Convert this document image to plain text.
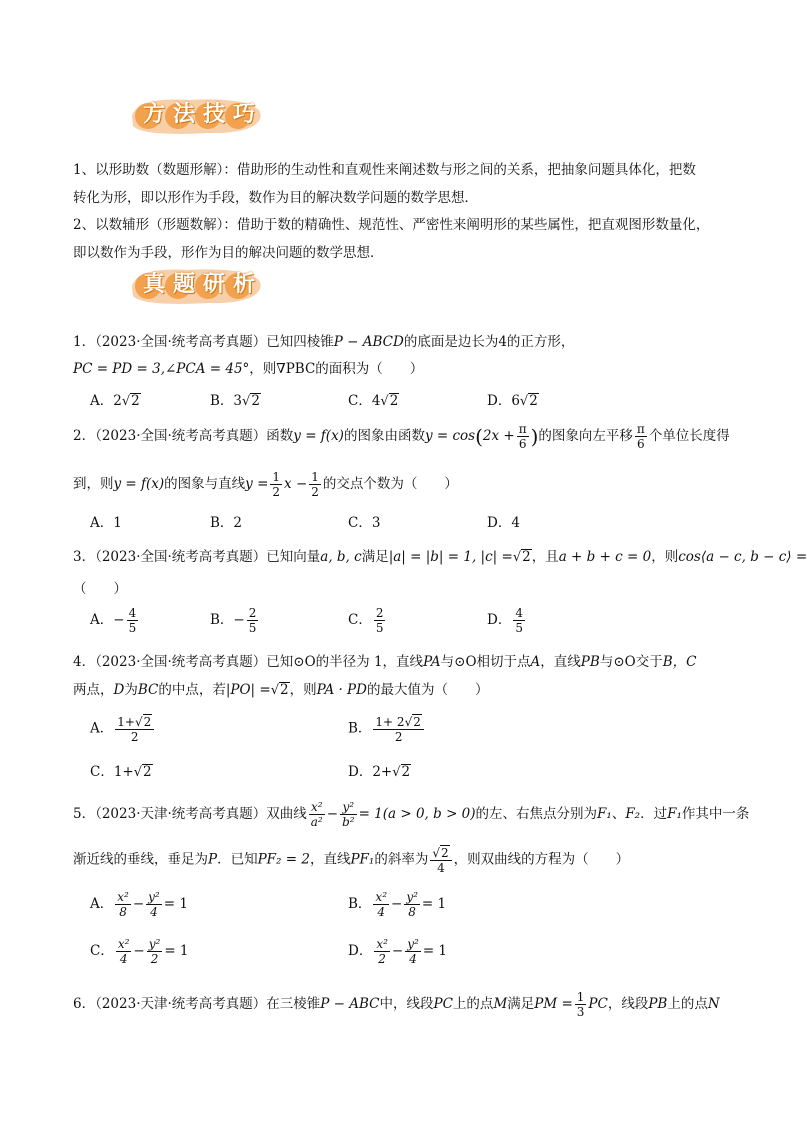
方 法 技 巧
1、以形助数（数题形解）：借助形的生动性和直观性来阐述数与形之间的关系，把抽象问题具体化，把数
转化为形，即以形作为手段，数作为目的解决数学问题的数学思想．
2、以数辅形（形题数解）：借助于数的精确性、规范性、严密性来阐明形的某些属性，把直观图形数量化，
即以数作为手段，形作为目的解决问题的数学思想．
真 题 研 析
1．（2023·全国·统考高考真题）已知四棱锥P − ABCD的底面是边长为4的正方形，
PC = PD = 3,∠PCA = 45°，则∇PBC的面积为（　　）
A．2√2	B．3√2	C．4√2	D．6√2
2．（2023·全国·统考高考真题）函数y = f(x)的图象由函数$y = \cos(2x + \frac{\pi}{6}$ )的图象向左平移 $\frac{\pi}{6}$ 个单位长度得
到，则y = f(x)的图象与直线$y = \frac{1}{2}$ $x - \frac{1}{2}$ 的交点个数为（　　）
A．1	B．2	C．3	D．4
3．（2023·全国·统考高考真题）已知向量a, b, c满足|a| = |b| = 1, |c| =√2，且a + b + c = 0，则cos⟨a − c, b − c⟩ =
（　　）
A．− $\frac{4}{5}$	B．− $\frac{2}{5}$	C． $\frac{2}{5}$	D． $\frac{4}{5}$
4．（2023·全国·统考高考真题）已知⊙O的半径为 1，直线PA与⊙O相切于点A，直线PB与⊙O交于B，C
两点，D为BC的中点，若|PO| =√2，则PA · PD的最大值为（　　）
A． $\frac{1+√2}{2}$	B． $\frac{1+ 2√2}{2}$
C．1+√2	D．2+√2
5．（2023·天津·统考高考真题）双曲线 $\frac{\text{x²}}{\text{a²}} - \frac{\text{y²}}{\text{b²}} = 1(a > 0$, b > 0)的左、右焦点分别为F₁、F₂．过F₁作其中一条
渐近线的垂线，垂足为P．已知PF₂ = 2，直线PF₁的斜率为 $\frac{√2}{4}$ ，则双曲线的方程为（　　）
A． $\frac{\text{x²}}{8} - \frac{\text{y²}}{4} = 1$	B． $\frac{\text{x²}}{4} - \frac{\text{y²}}{8} = 1$
C． $\frac{\text{x²}}{4} - \frac{\text{y²}}{2} = 1$	D． $\frac{\text{x²}}{2} - \frac{\text{y²}}{4} = 1$
6．（2023·天津·统考高考真题）在三棱锥P − ABC中，线段PC上的点M满足PM = $\frac{1}{3}$ PC，线段PB上的点N
